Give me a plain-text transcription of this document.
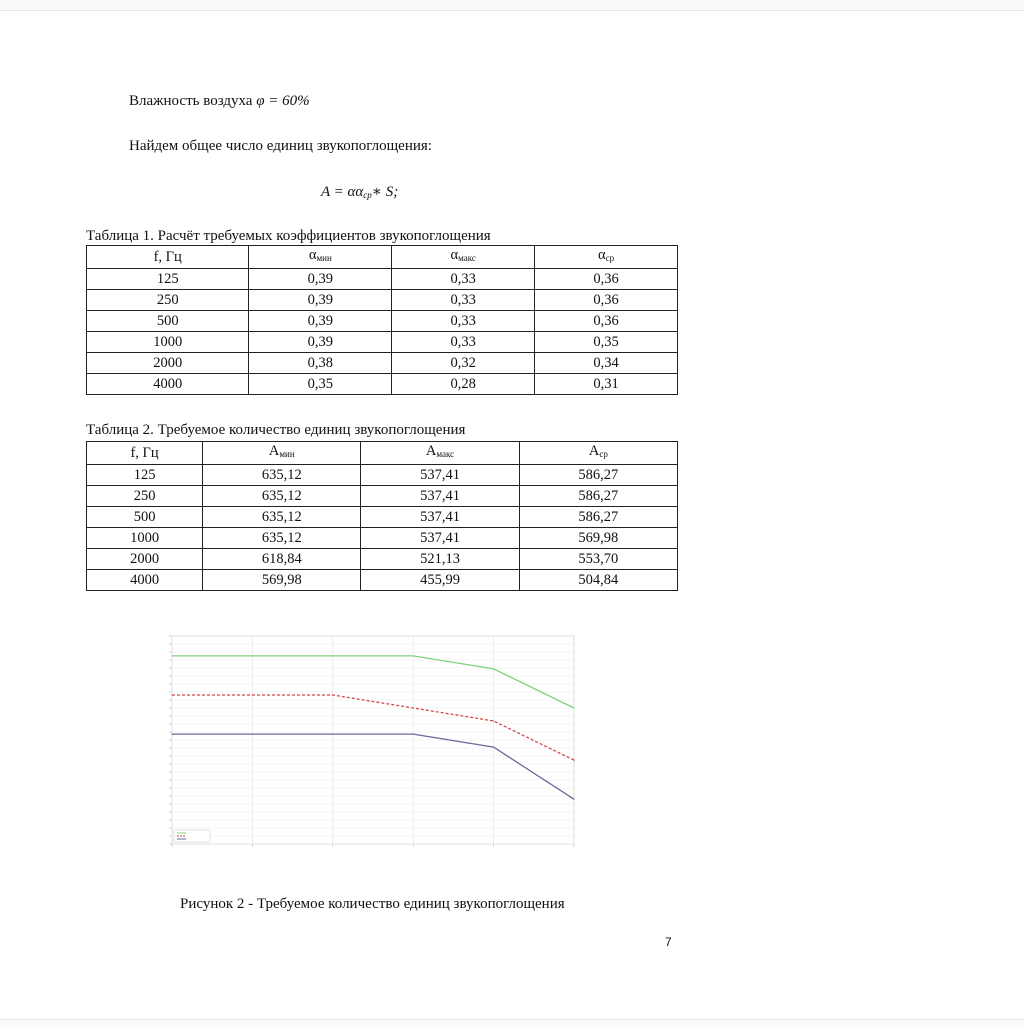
Влажность воздуха φ = 60%
Найдем общее число единиц звукопоглощения:
$A = \alpha\alpha_{ср}∗$ S;
Таблица 1. Расчёт требуемых коэффициентов звукопоглощения
f, Гц	$\alpha_{мин}$	$\alpha_{макс}$	$\alpha_{ср}$
125	0,39	0,33	0,36
250	0,39	0,33	0,36
500	0,39	0,33	0,36
1000	0,39	0,33	0,35
2000	0,38	0,32	0,34
4000	0,35	0,28	0,31
Таблица 2. Требуемое количество единиц звукопоглощения
f, Гц	$A_{мин}$	$A_{макс}$	$A_{ср}$
125	635,12	537,41	586,27
250	635,12	537,41	586,27
500	635,12	537,41	586,27
1000	635,12	537,41	569,98
2000	618,84	521,13	553,70
4000	569,98	455,99	504,84
Рисунок 2 - Требуемое количество единиц звукопоглощения
7
